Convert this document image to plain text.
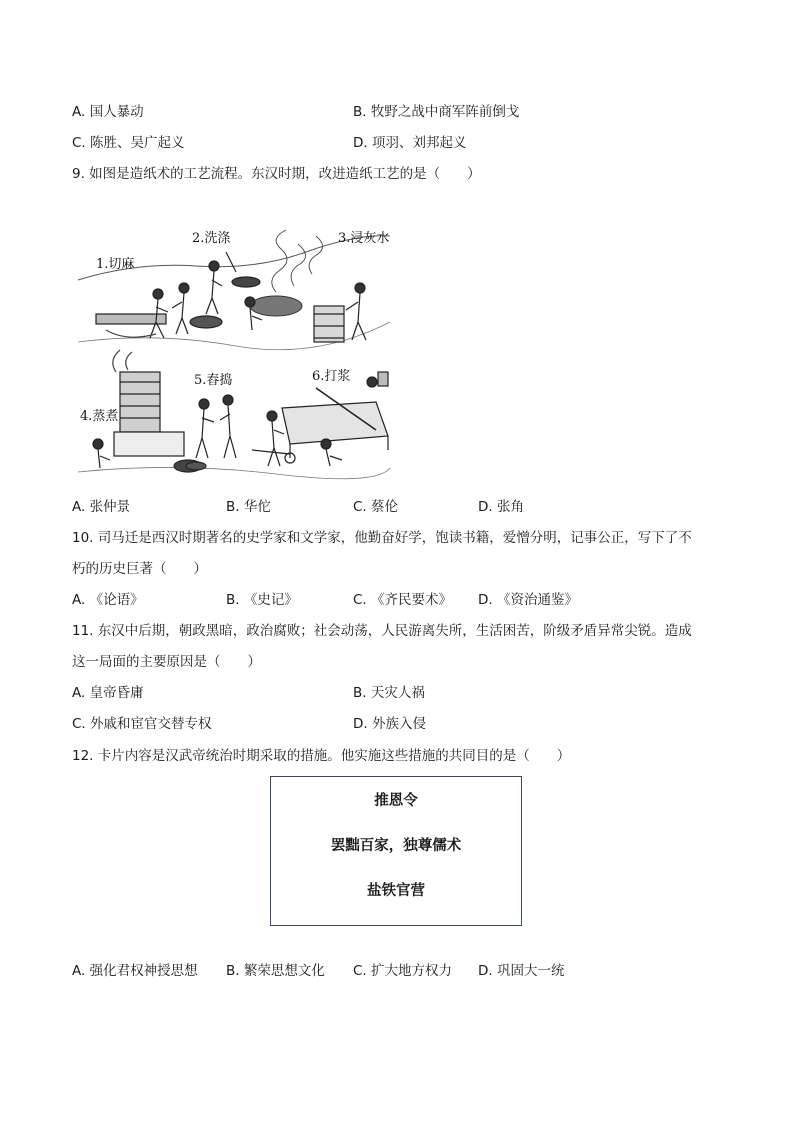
A. 国人暴动	B. 牧野之战中商军阵前倒戈
C. 陈胜、吴广起义	D. 项羽、刘邦起义
9. 如图是造纸术的工艺流程。东汉时期，改进造纸工艺的是（　　）
1.切麻
2.洗涤	3.浸灰水
4.蒸煮
5.舂捣	6.打浆
A. 张仲景	B. 华佗	C. 蔡伦	D. 张角
10. 司马迁是西汉时期著名的史学家和文学家，他勤奋好学，饱读书籍，爱憎分明，记事公正，写下了不
朽的历史巨著（　　）
A. 《论语》	B. 《史记》	C. 《齐民要术》 D. 《资治通鉴》
11. 东汉中后期，朝政黑暗，政治腐败；社会动荡，人民游离失所，生活困苦，阶级矛盾异常尖锐。造成
这一局面的主要原因是（　　）
A. 皇帝昏庸	B. 天灾人祸
C. 外戚和宦官交替专权	D. 外族入侵
12. 卡片内容是汉武帝统治时期采取的措施。他实施这些措施的共同目的是（　　）
推恩令
罢黜百家，独尊儒术
盐铁官营
A. 强化君权神授思想 B. 繁荣思想文化 C. 扩大地方权力 D. 巩固大一统
